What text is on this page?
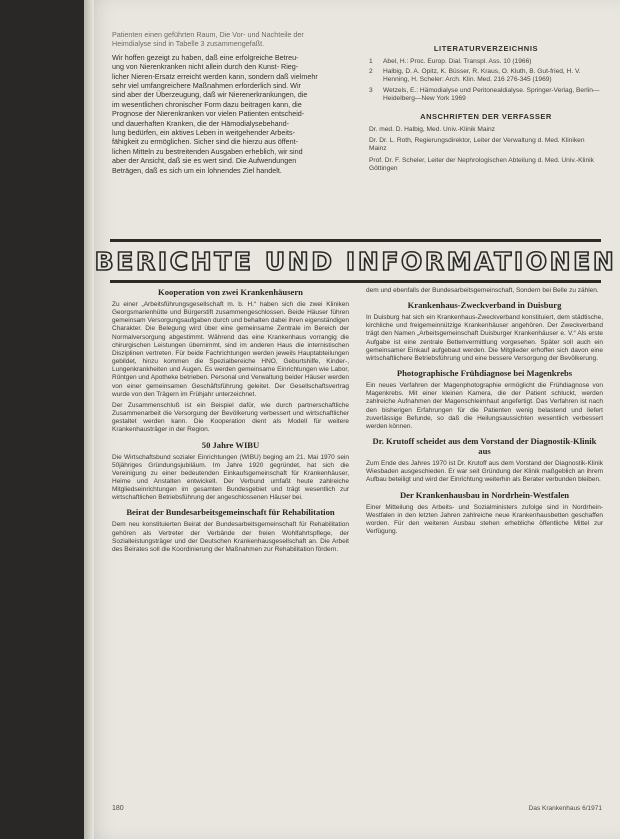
Patienten einen geführten Raum, Die Vor- und Nachteile der

Heimdialyse sind in Tabelle 3 zusammengefaßt.

Wir hoffen gezeigt zu haben, daß eine erfolgreiche Betreu-

ung von Nierenkranken nicht allein durch den Kunst- Rieg-

licher Nieren-Ersatz erreicht werden kann, sondern daß vielmehr

sehr viel umfangreichere Maßnahmen erforderlich sind. Wir

sind aber der Überzeugung, daß wir Nierenerkrankungen, die

im wesentlichen chronischer Form dazu beitragen kann, die

Prognose der Nierenkranken vor vielen Patienten entscheid-

und dauerhaften Kranken, die der Hämodialysebehand-

lung bedürfen, ein aktives Leben in weitgehender Arbeits-

fähigkeit zu ermöglichen. Sicher sind die hierzu aus öffent-

lichen Mitteln zu bestreitenden Ausgaben erheblich, wir sind

aber der Ansicht, daß sie es wert sind. Die Aufwendungen

Beträgen, daß es sich um ein lohnendes Ziel handelt.

LITERATURVERZEICHNIS
1	Abel, H.: Proc. Europ. Dial. Transpl. Ass. 10 (1966)
2	Halbig, D. A. Opitz, K. Büsser, R. Kraus, O. Kluth, B. Gut-fried, H. V. Henning, H. Scheler: Arch. Klin. Med. 216 276-345 (1969)
3	Wetzels, E.: Hämodialyse und Peritonealdialyse. Springer-Verlag, Berlin—Heidelberg—New York 1969
ANSCHRIFTEN DER VERFASSER

Dr. med. D. Halbig, Med. Univ.-Klinik Mainz

Dr. Dr. L. Roth, Regierungsdirektor, Leiter der Verwaltung d. Med. Kliniken Mainz

Prof. Dr. F. Scheler, Leiter der Nephrologischen Abteilung d. Med. Univ.-Klinik Göttingen

BERICHTE UND INFORMATIONEN
Kooperation von zwei Krankenhäusern

Zu einer „Arbeitsführungsgesellschaft m. b. H.“ haben sich die zwei Kliniken Georgsmarienhütte und Bürgerstift zusammengeschlossen. Beide Häuser führen gemeinsam Versorgungsaufgaben durch und behalten dabei ihren eigenständigen Charakter. Die Belegung wird über eine gemeinsame Zentrale im Bereich der Normalversorgung abgestimmt. Während das eine Krankenhaus vorrangig die chirurgischen Leistungen übernimmt, sind im anderen Haus die internistischen Disziplinen vertreten. Für beide Fachrichtungen werden jeweils Hauptabteilungen gebildet, hinzu kommen die Spezialbereiche HNO, Geburtshilfe, Kinder-, Lungenkrankheiten und Augen. Es werden gemeinsame Einrichtungen wie Labor, Röntgen und Apotheke betrieben. Personal und Verwaltung beider Häuser werden von einer gemeinsamen Geschäftsführung geleitet. Der Gesellschaftsvertrag wurde von den Trägern im Frühjahr unterzeichnet.

Der Zusammenschluß ist ein Beispiel dafür, wie durch partnerschaftliche Zusammenarbeit die Versorgung der Bevölkerung verbessert und wirtschaftlicher gestaltet werden kann. Die Kooperation dient als Modell für weitere Krankenhausträger in der Region.

50 Jahre WIBU

Die Wirtschaftsbund sozialer Einrichtungen (WIBU) beging am 21. Mai 1970 sein 50jähriges Gründungsjubiläum. Im Jahre 1920 gegründet, hat sich die Vereinigung zu einer bedeutenden Einkaufsgemeinschaft für Krankenhäuser, Heime und Anstalten entwickelt. Der Verbund umfaßt heute zahlreiche Mitgliedseinrichtungen im gesamten Bundesgebiet und trägt wesentlich zur wirtschaftlichen Betriebsführung der angeschlossenen Häuser bei.

Beirat der Bundesarbeitsgemeinschaft für Rehabilitation

Dem neu konstituierten Beirat der Bundesarbeitsgemeinschaft für Rehabilitation gehören als Vertreter der Verbände der freien Wohlfahrtspflege, der Sozialleistungsträger und der Deutschen Krankenhausgesellschaft an. Die Arbeit des Beirates soll die Koordinierung der Maßnahmen zur Rehabilitation fördern.

dem und ebenfalls der Bundesarbeitsgemeinschaft, Sondern bei Belle zu zählen.

Krankenhaus-Zweckverband in Duisburg

In Duisburg hat sich ein Krankenhaus-Zweckverband konstituiert, dem städtische, kirchliche und freigemeinnützige Krankenhäuser angehören. Der Zweckverband trägt den Namen „Arbeitsgemeinschaft Duisburger Krankenhäuser e. V.“ Als erste Aufgabe ist eine zentrale Bettenvermittlung vorgesehen. Später soll auch ein gemeinsamer Einkauf aufgebaut werden. Die Mitglieder erhoffen sich davon eine wirtschaftlichere Betriebsführung und eine bessere Versorgung der Bevölkerung.

Photographische Frühdiagnose bei Magenkrebs

Ein neues Verfahren der Magenphotographie ermöglicht die Frühdiagnose von Magenkrebs. Mit einer kleinen Kamera, die der Patient schluckt, werden zahlreiche Aufnahmen der Magenschleimhaut angefertigt. Das Verfahren ist nach den bisherigen Erfahrungen für die Patienten wenig belastend und liefert zuverlässige Befunde, so daß die Heilungsaussichten wesentlich verbessert werden können.

Dr. Krutoff scheidet aus dem Vorstand der Diagnostik-Klinik aus

Zum Ende des Jahres 1970 ist Dr. Krutoff aus dem Vorstand der Diagnostik-Klinik Wiesbaden ausgeschieden. Er war seit Gründung der Klinik maßgeblich an ihrem Aufbau beteiligt und wird der Einrichtung weiterhin als Berater verbunden bleiben.

Der Krankenhausbau in Nordrhein-Westfalen

Einer Mitteilung des Arbeits- und Sozialministers zufolge sind in Nordrhein-Westfalen in den letzten Jahren zahlreiche neue Krankenhausbetten geschaffen worden. Für den weiteren Ausbau stehen erhebliche öffentliche Mittel zur Verfügung.

180	Das Krankenhaus 6/1971
